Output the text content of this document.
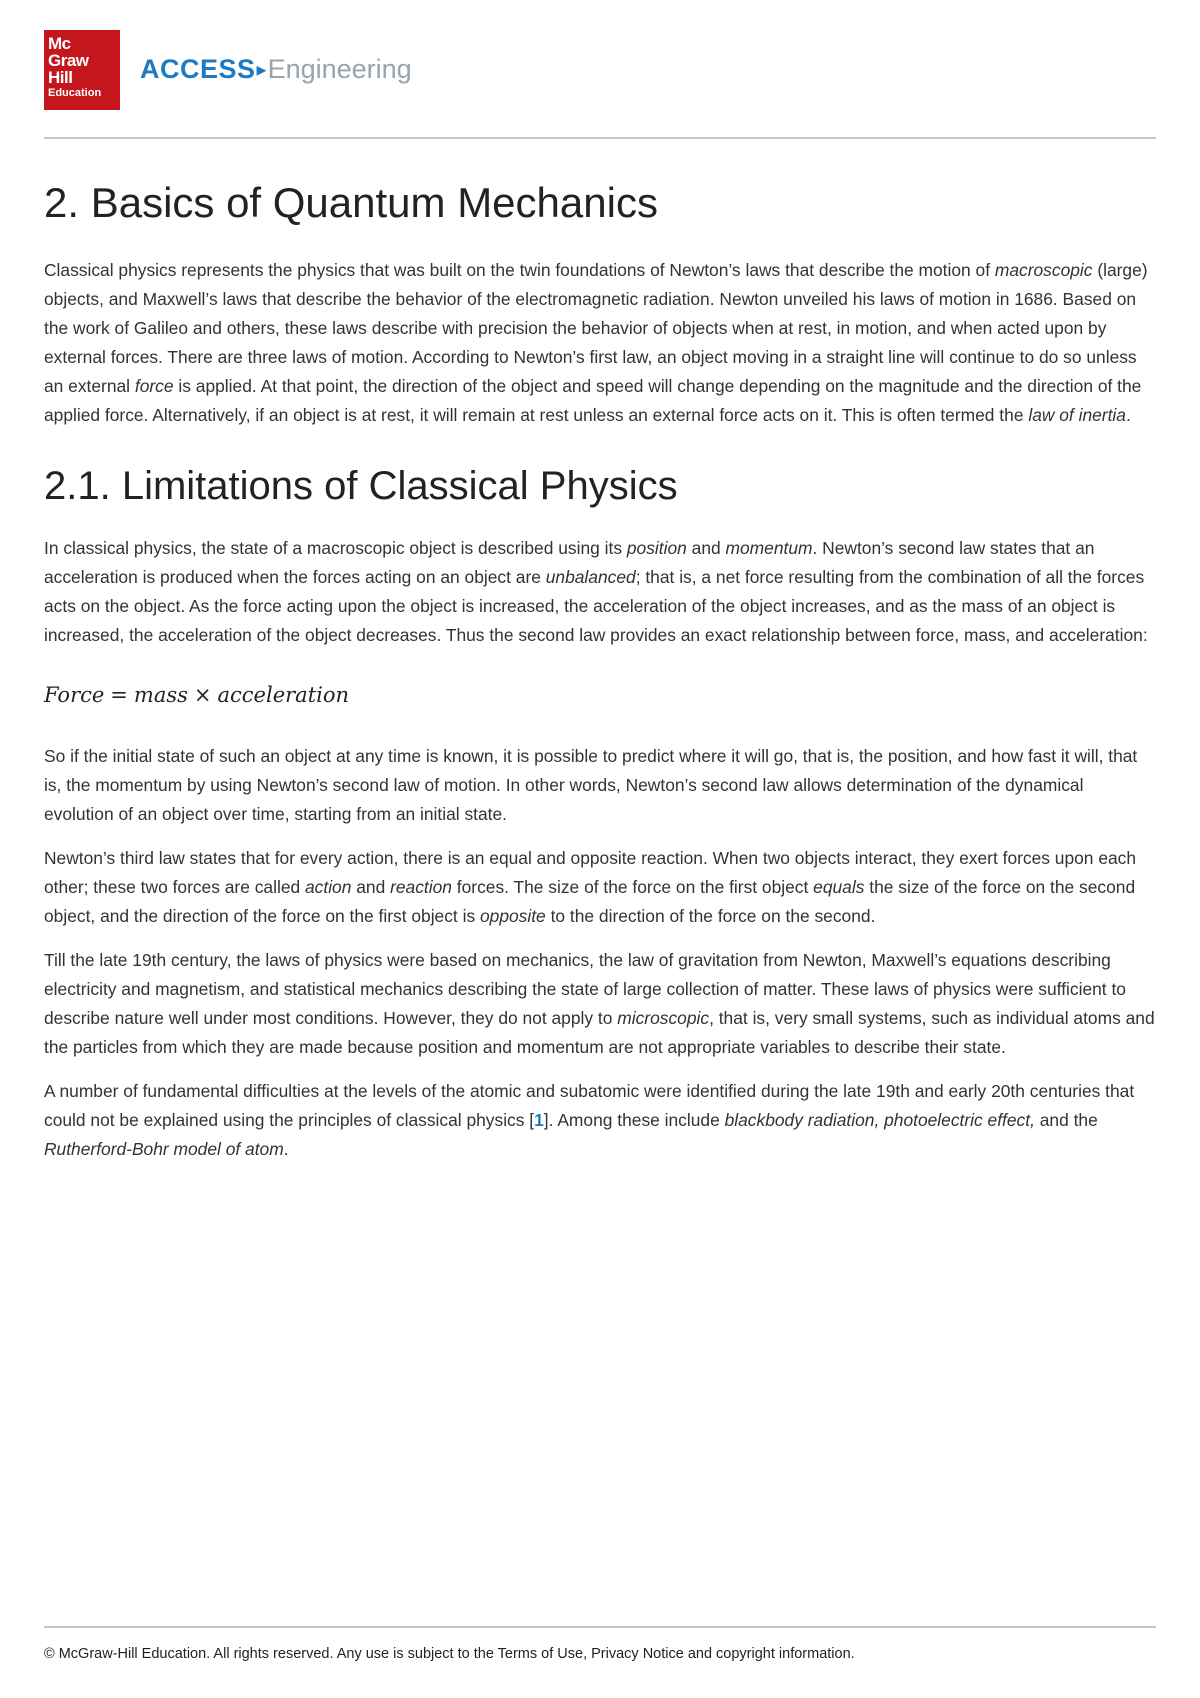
Mc
Graw
Hill
Education
ACCESS▸Engineering
2. Basics of Quantum Mechanics

Classical physics represents the physics that was built on the twin foundations of Newton’s laws that describe the motion of macroscopic (large) objects, and Maxwell’s laws that describe the behavior of the electromagnetic radiation. Newton unveiled his laws of motion in 1686. Based on the work of Galileo and others, these laws describe with precision the behavior of objects when at rest, in motion, and when acted upon by external forces. There are three laws of motion. According to Newton’s first law, an object moving in a straight line will continue to do so unless an external force is applied. At that point, the direction of the object and speed will change depending on the magnitude and the direction of the applied force. Alternatively, if an object is at rest, it will remain at rest unless an external force acts on it. This is often termed the law of inertia.

2.1. Limitations of Classical Physics

In classical physics, the state of a macroscopic object is described using its position and momentum. Newton’s second law states that an acceleration is produced when the forces acting on an object are unbalanced; that is, a net force resulting from the combination of all the forces acts on the object. As the force acting upon the object is increased, the acceleration of the object increases, and as the mass of an object is increased, the acceleration of the object decreases. Thus the second law provides an exact relationship between force, mass, and acceleration:

Force = mass × acceleration

So if the initial state of such an object at any time is known, it is possible to predict where it will go, that is, the position, and how fast it will, that is, the momentum by using Newton’s second law of motion. In other words, Newton’s second law allows determination of the dynamical evolution of an object over time, starting from an initial state.

Newton’s third law states that for every action, there is an equal and opposite reaction. When two objects interact, they exert forces upon each other; these two forces are called action and reaction forces. The size of the force on the first object equals the size of the force on the second object, and the direction of the force on the first object is opposite to the direction of the force on the second.

Till the late 19th century, the laws of physics were based on mechanics, the law of gravitation from Newton, Maxwell’s equations describing electricity and magnetism, and statistical mechanics describing the state of large collection of matter. These laws of physics were sufficient to describe nature well under most conditions. However, they do not apply to microscopic, that is, very small systems, such as individual atoms and the particles from which they are made because position and momentum are not appropriate variables to describe their state.

A number of fundamental difficulties at the levels of the atomic and subatomic were identified during the late 19th and early 20th centuries that could not be explained using the principles of classical physics [1]. Among these include blackbody radiation, photoelectric effect, and the Rutherford-Bohr model of atom.

© McGraw-Hill Education. All rights reserved. Any use is subject to the Terms of Use, Privacy Notice and copyright information.
